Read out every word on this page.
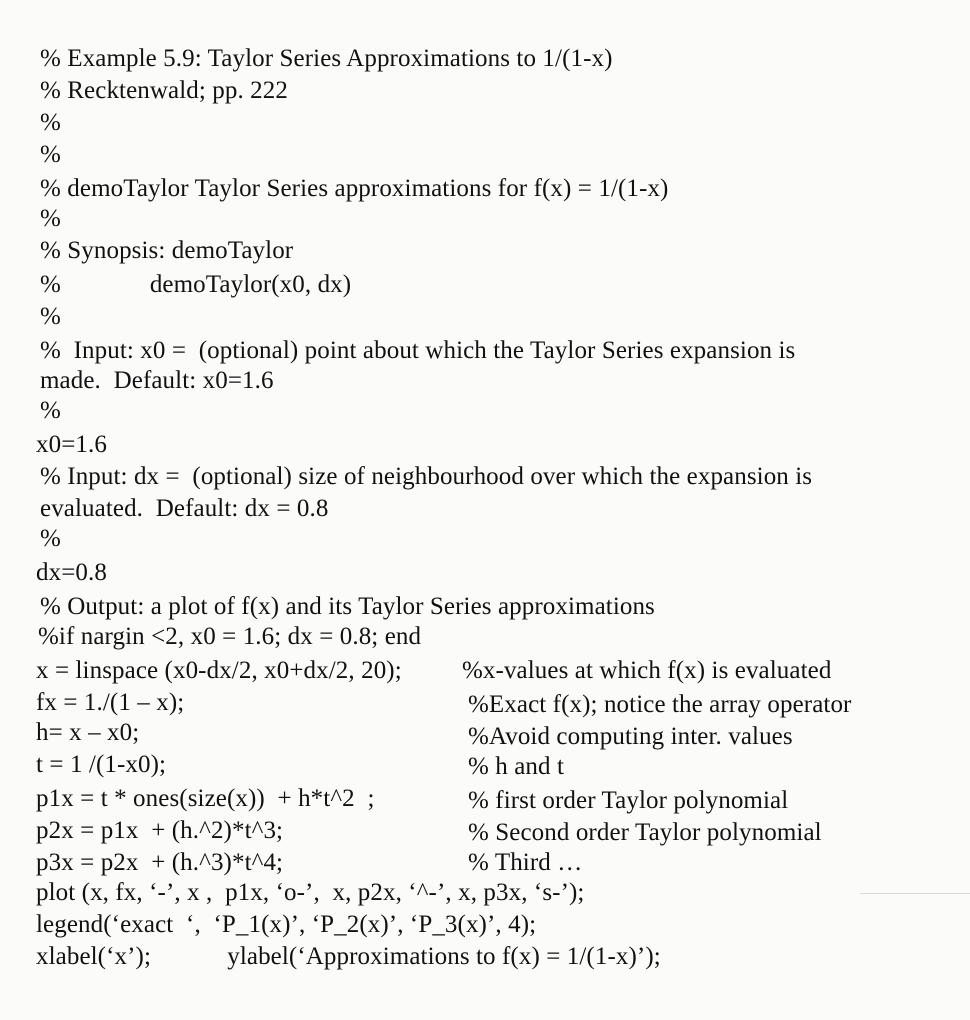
% Example 5.9: Taylor Series Approximations to 1/(1-x)
% Recktenwald; pp. 222
%
%
% demoTaylor Taylor Series approximations for f(x) = 1/(1-x)
%
% Synopsis: demoTaylor
%              demoTaylor(x0, dx)
%
%  Input: x0 =  (optional) point about which the Taylor Series expansion is
made.  Default: x0=1.6
%
x0=1.6
% Input: dx =  (optional) size of neighbourhood over which the expansion is
evaluated.  Default: dx = 0.8
%
dx=0.8
% Output: a plot of f(x) and its Taylor Series approximations
%if nargin <2, x0 = 1.6; dx = 0.8; end
x = linspace (x0-dx/2, x0+dx/2, 20); %x-values at which f(x) is evaluated
fx = 1./(1 – x);	%Exact f(x); notice the array operator
h= x – x0;	%Avoid computing inter. values
t = 1 /(1-x0);	% h and t
p1x = t * ones(size(x))  + h*t^2  ;	% first order Taylor polynomial
p2x = p1x  + (h.^2)*t^3;	% Second order Taylor polynomial
p3x = p2x  + (h.^3)*t^4;	% Third …
plot (x, fx, ‘-’, x ,  p1x, ‘o-’,  x, p2x, ‘^-’, x, p3x, ‘s-’);
legend(‘exact  ‘,  ‘P_1(x)’, ‘P_2(x)’, ‘P_3(x)’, 4);
xlabel(‘x’);            ylabel(‘Approximations to f(x) = 1/(1-x)’);
